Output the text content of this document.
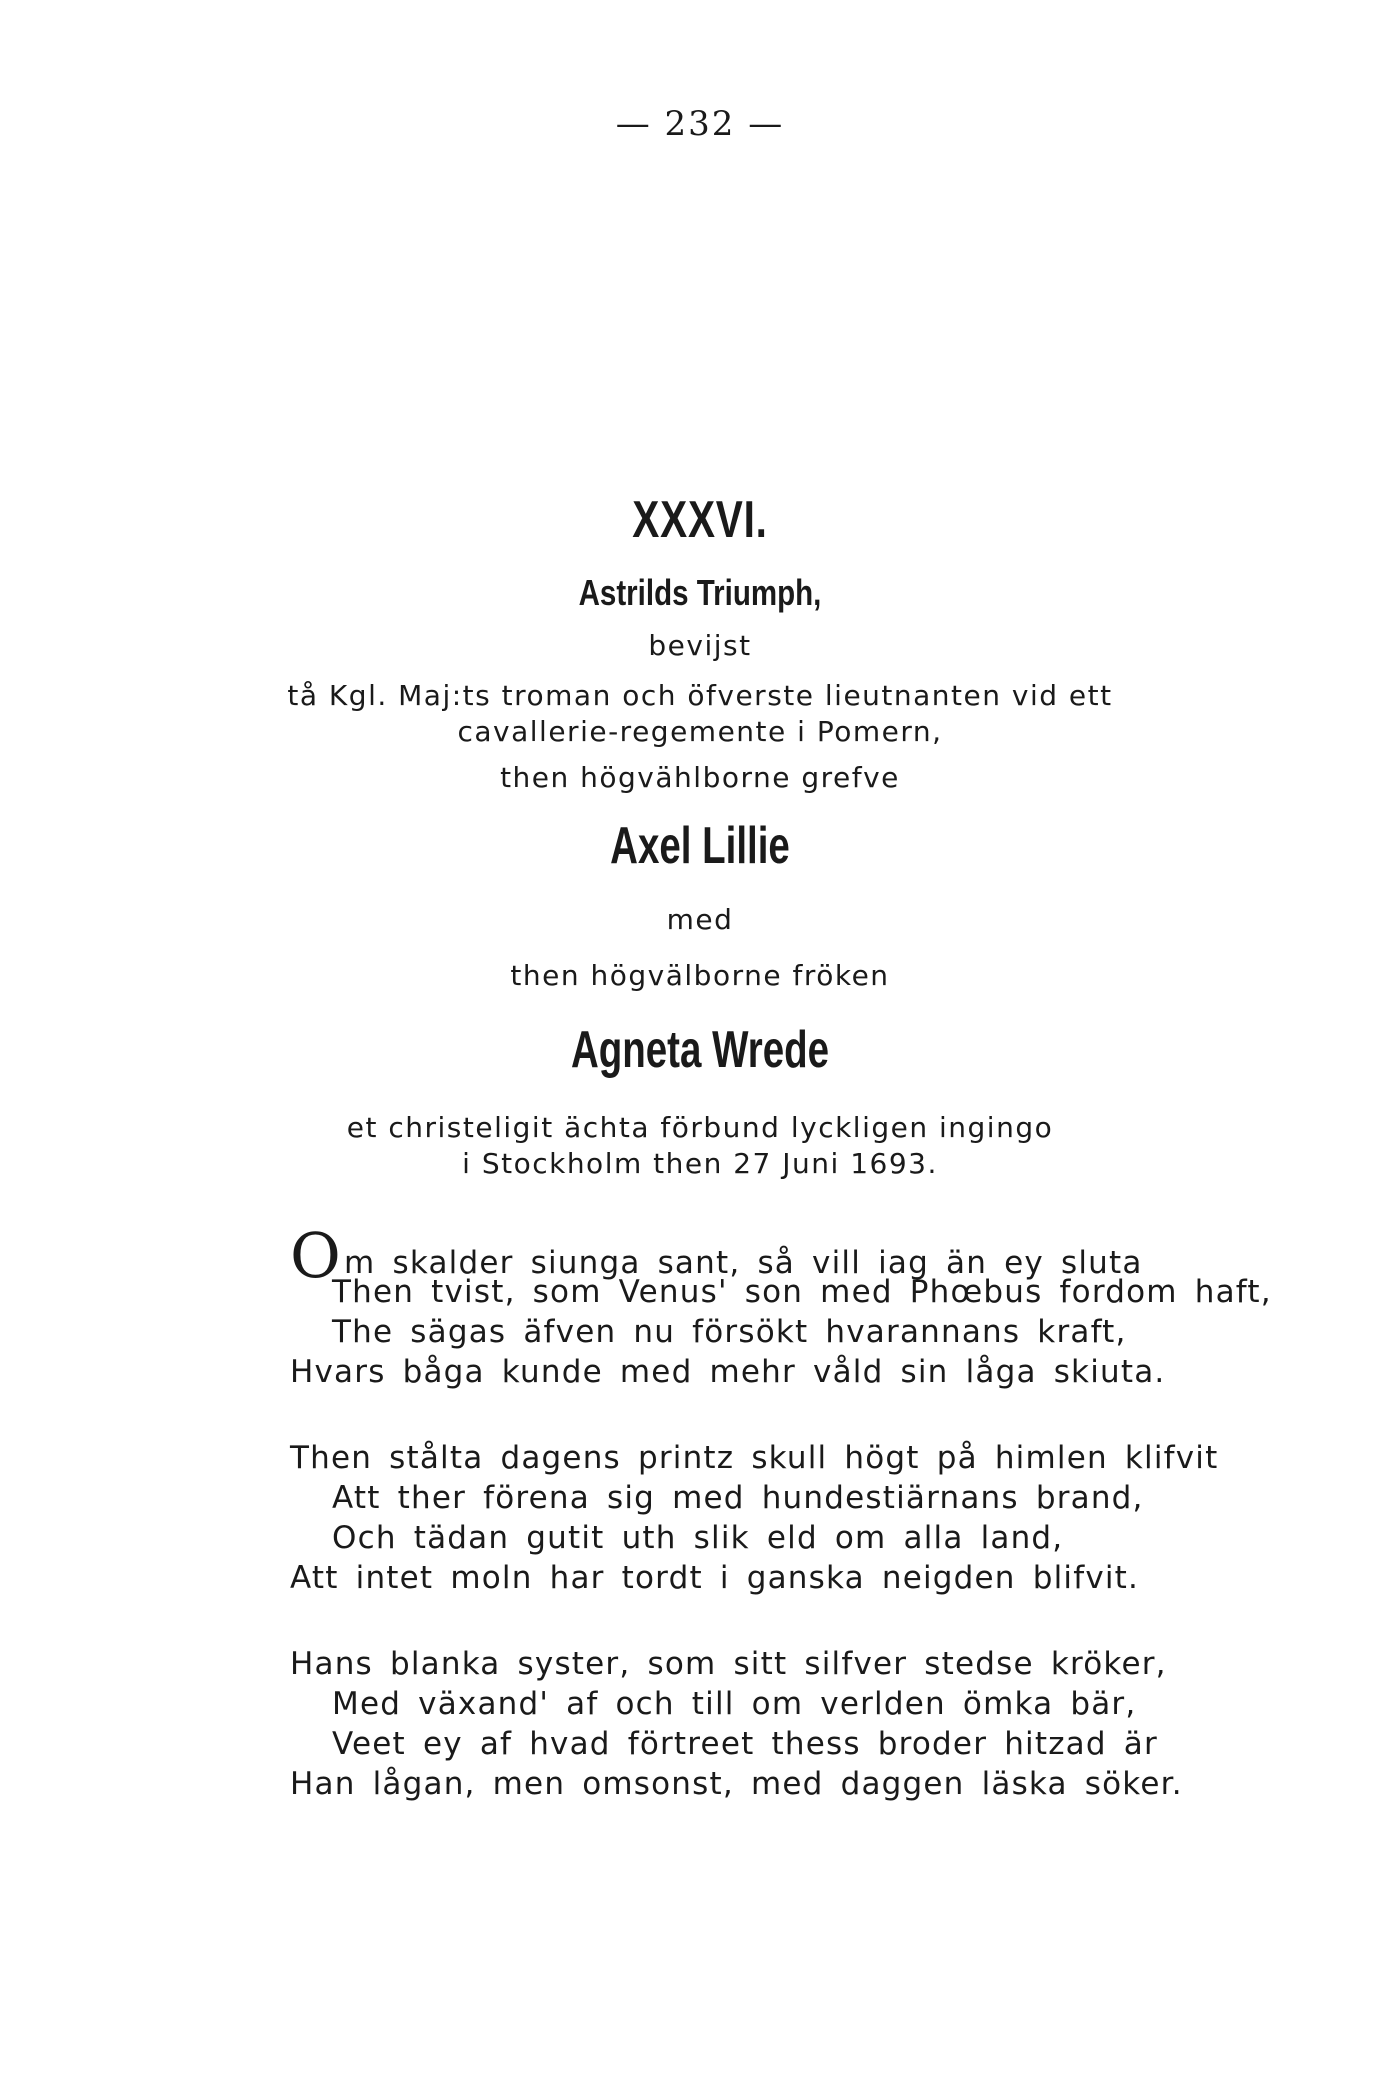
— 232 —
XXXVI.
Astrilds Triumph,
bevijst
tå Kgl. Maj:ts troman och öfverste lieutnanten vid ett
cavallerie-regemente i Pomern,
then högvählborne grefve
Axel Lillie
med
then högvälborne fröken
Agneta Wrede
et christeligit ächta förbund lyckligen ingingo
i Stockholm then 27 Juni 1693.
Om skalder siunga sant, så vill iag än ey sluta
Then tvist, som Venus' son med Phœbus fordom haft,
The sägas äfven nu försökt hvarannans kraft,
Hvars båga kunde med mehr våld sin låga skiuta.
Then stålta dagens printz skull högt på himlen klifvit
Att ther förena sig med hundestiärnans brand,
Och tädan gutit uth slik eld om alla land,
Att intet moln har tordt i ganska neigden blifvit.
Hans blanka syster, som sitt silfver stedse kröker,
Med växand' af och till om verlden ömka bär,
Veet ey af hvad förtreet thess broder hitzad är
Han lågan, men omsonst, med daggen läska söker.
